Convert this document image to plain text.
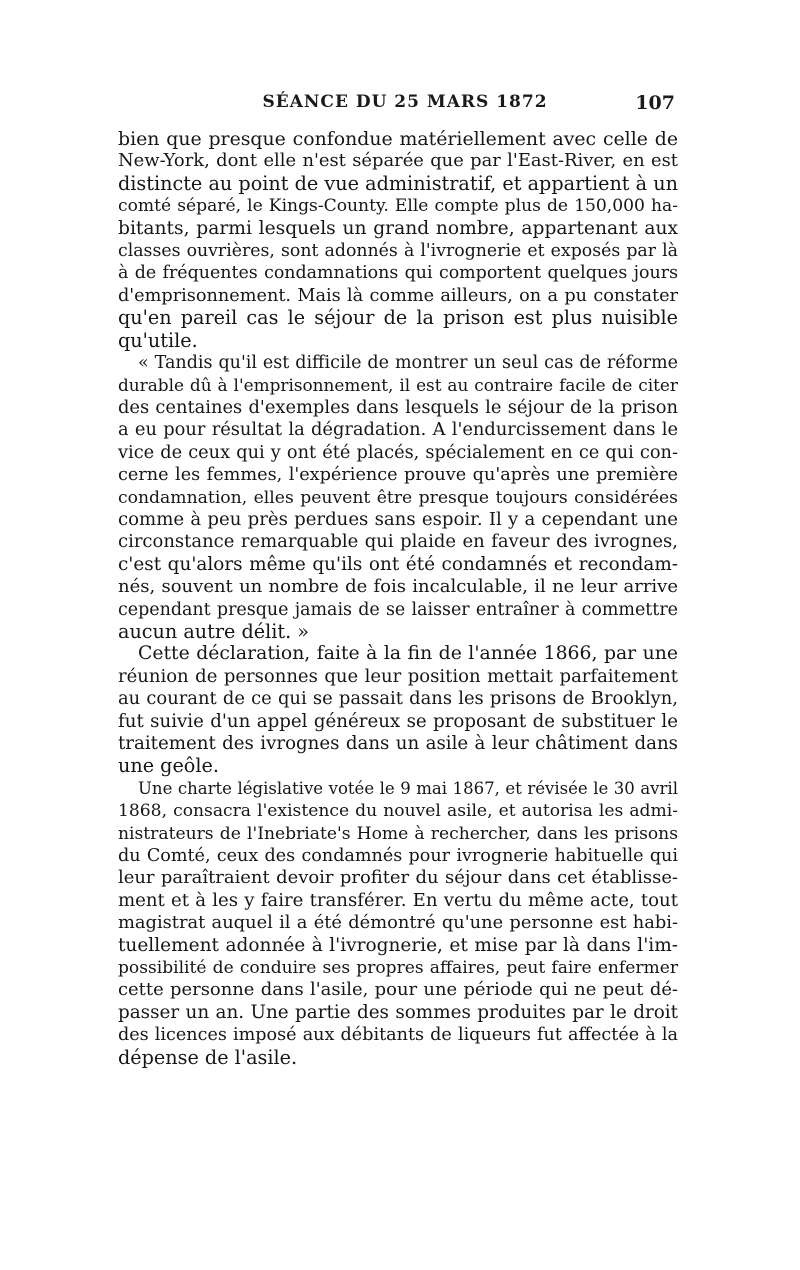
SÉANCE DU 25 MARS 1872	107
bien que presque confondue matériellement avec celle de
New-York, dont elle n'est séparée que par l'East-River, en est
distincte au point de vue administratif, et appartient à un
comté séparé, le Kings-County. Elle compte plus de 150,000 ha-
bitants, parmi lesquels un grand nombre, appartenant aux
classes ouvrières, sont adonnés à l'ivrognerie et exposés par là
à de fréquentes condamnations qui comportent quelques jours
d'emprisonnement. Mais là comme ailleurs, on a pu constater
qu'en pareil cas le séjour de la prison est plus nuisible
qu'utile.
« Tandis qu'il est difficile de montrer un seul cas de réforme
durable dû à l'emprisonnement, il est au contraire facile de citer
des centaines d'exemples dans lesquels le séjour de la prison
a eu pour résultat la dégradation. A l'endurcissement dans le
vice de ceux qui y ont été placés, spécialement en ce qui con-
cerne les femmes, l'expérience prouve qu'après une première
condamnation, elles peuvent être presque toujours considérées
comme à peu près perdues sans espoir. Il y a cependant une
circonstance remarquable qui plaide en faveur des ivrognes,
c'est qu'alors même qu'ils ont été condamnés et recondam-
nés, souvent un nombre de fois incalculable, il ne leur arrive
cependant presque jamais de se laisser entraîner à commettre
aucun autre délit. »
Cette déclaration, faite à la fin de l'année 1866, par une
réunion de personnes que leur position mettait parfaitement
au courant de ce qui se passait dans les prisons de Brooklyn,
fut suivie d'un appel généreux se proposant de substituer le
traitement des ivrognes dans un asile à leur châtiment dans
une geôle.
Une charte législative votée le 9 mai 1867, et révisée le 30 avril
1868, consacra l'existence du nouvel asile, et autorisa les admi-
nistrateurs de l'Inebriate's Home à rechercher, dans les prisons
du Comté, ceux des condamnés pour ivrognerie habituelle qui
leur paraîtraient devoir profiter du séjour dans cet établisse-
ment et à les y faire transférer. En vertu du même acte, tout
magistrat auquel il a été démontré qu'une personne est habi-
tuellement adonnée à l'ivrognerie, et mise par là dans l'im-
possibilité de conduire ses propres affaires, peut faire enfermer
cette personne dans l'asile, pour une période qui ne peut dé-
passer un an. Une partie des sommes produites par le droit
des licences imposé aux débitants de liqueurs fut affectée à la
dépense de l'asile.
